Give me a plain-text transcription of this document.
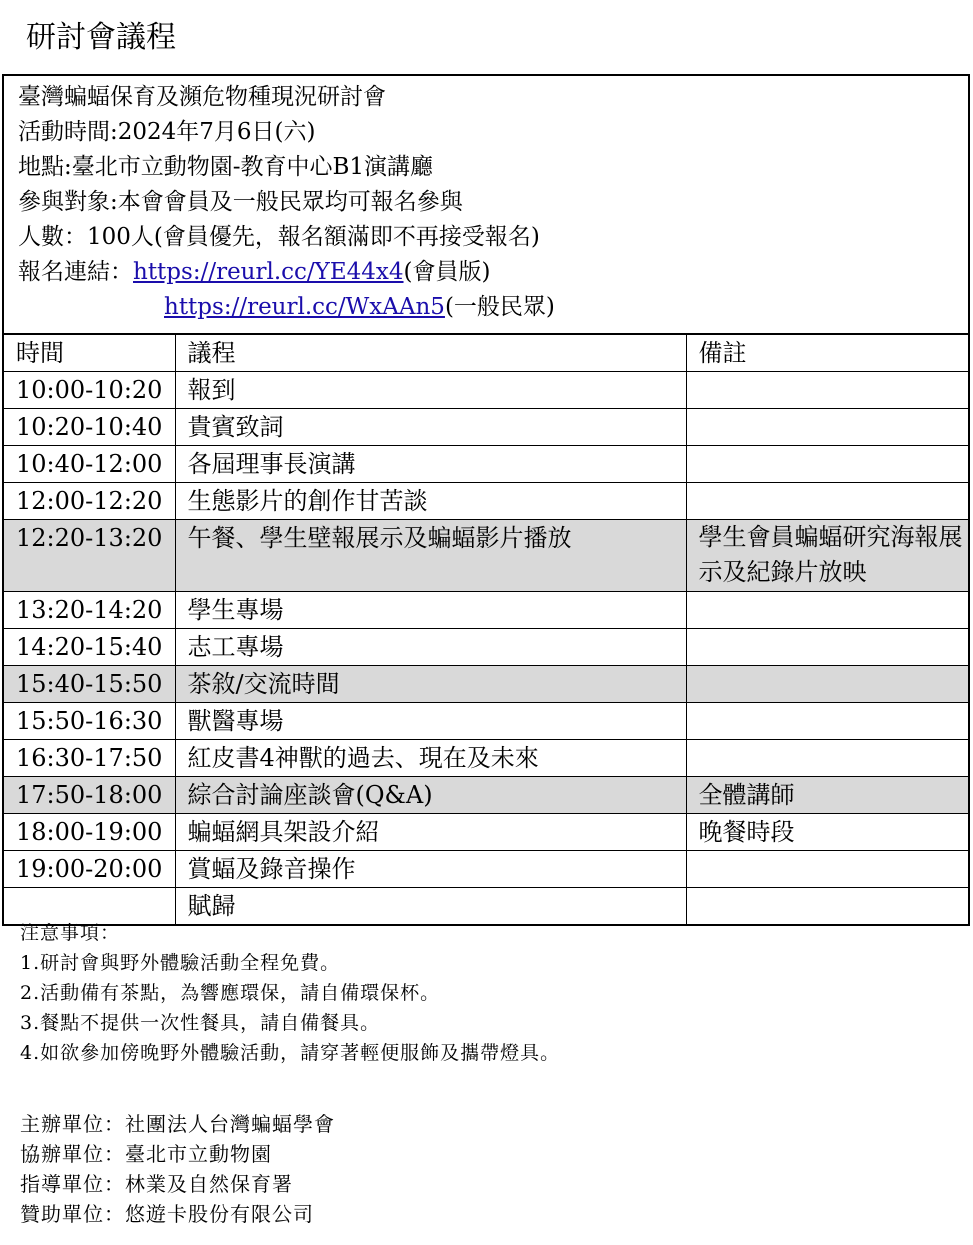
研討會議程
臺灣蝙蝠保育及瀕危物種現況研討會
活動時間:2024年7月6日(六)
地點:臺北市立動物園-教育中心B1演講廳
參與對象:本會會員及一般民眾均可報名參與
人數：100人(會員優先，報名額滿即不再接受報名)
報名連結：https://reurl.cc/YE44x4(會員版)
https://reurl.cc/WxAAn5(一般民眾)
時間	議程	備註
10:00-10:20	報到	
10:20-10:40	貴賓致詞	
10:40-12:00	各屆理事長演講	
12:00-12:20	生態影片的創作甘苦談	
12:20-13:20	午餐、學生壁報展示及蝙蝠影片播放	學生會員蝙蝠研究海報展示及紀錄片放映
13:20-14:20	學生專場	
14:20-15:40	志工專場	
15:40-15:50	茶敘/交流時間	
15:50-16:30	獸醫專場	
16:30-17:50	紅皮書4神獸的過去、現在及未來	
17:50-18:00	綜合討論座談會(Q&A)	全體講師
18:00-19:00	蝙蝠網具架設介紹	晚餐時段
19:00-20:00	賞蝠及錄音操作	
	賦歸	
注意事項：
1.研討會與野外體驗活動全程免費。
2.活動備有茶點，為響應環保，請自備環保杯。
3.餐點不提供一次性餐具，請自備餐具。
4.如欲參加傍晚野外體驗活動，請穿著輕便服飾及攜帶燈具。
主辦單位：社團法人台灣蝙蝠學會
協辦單位：臺北市立動物園
指導單位：林業及自然保育署
贊助單位：悠遊卡股份有限公司
